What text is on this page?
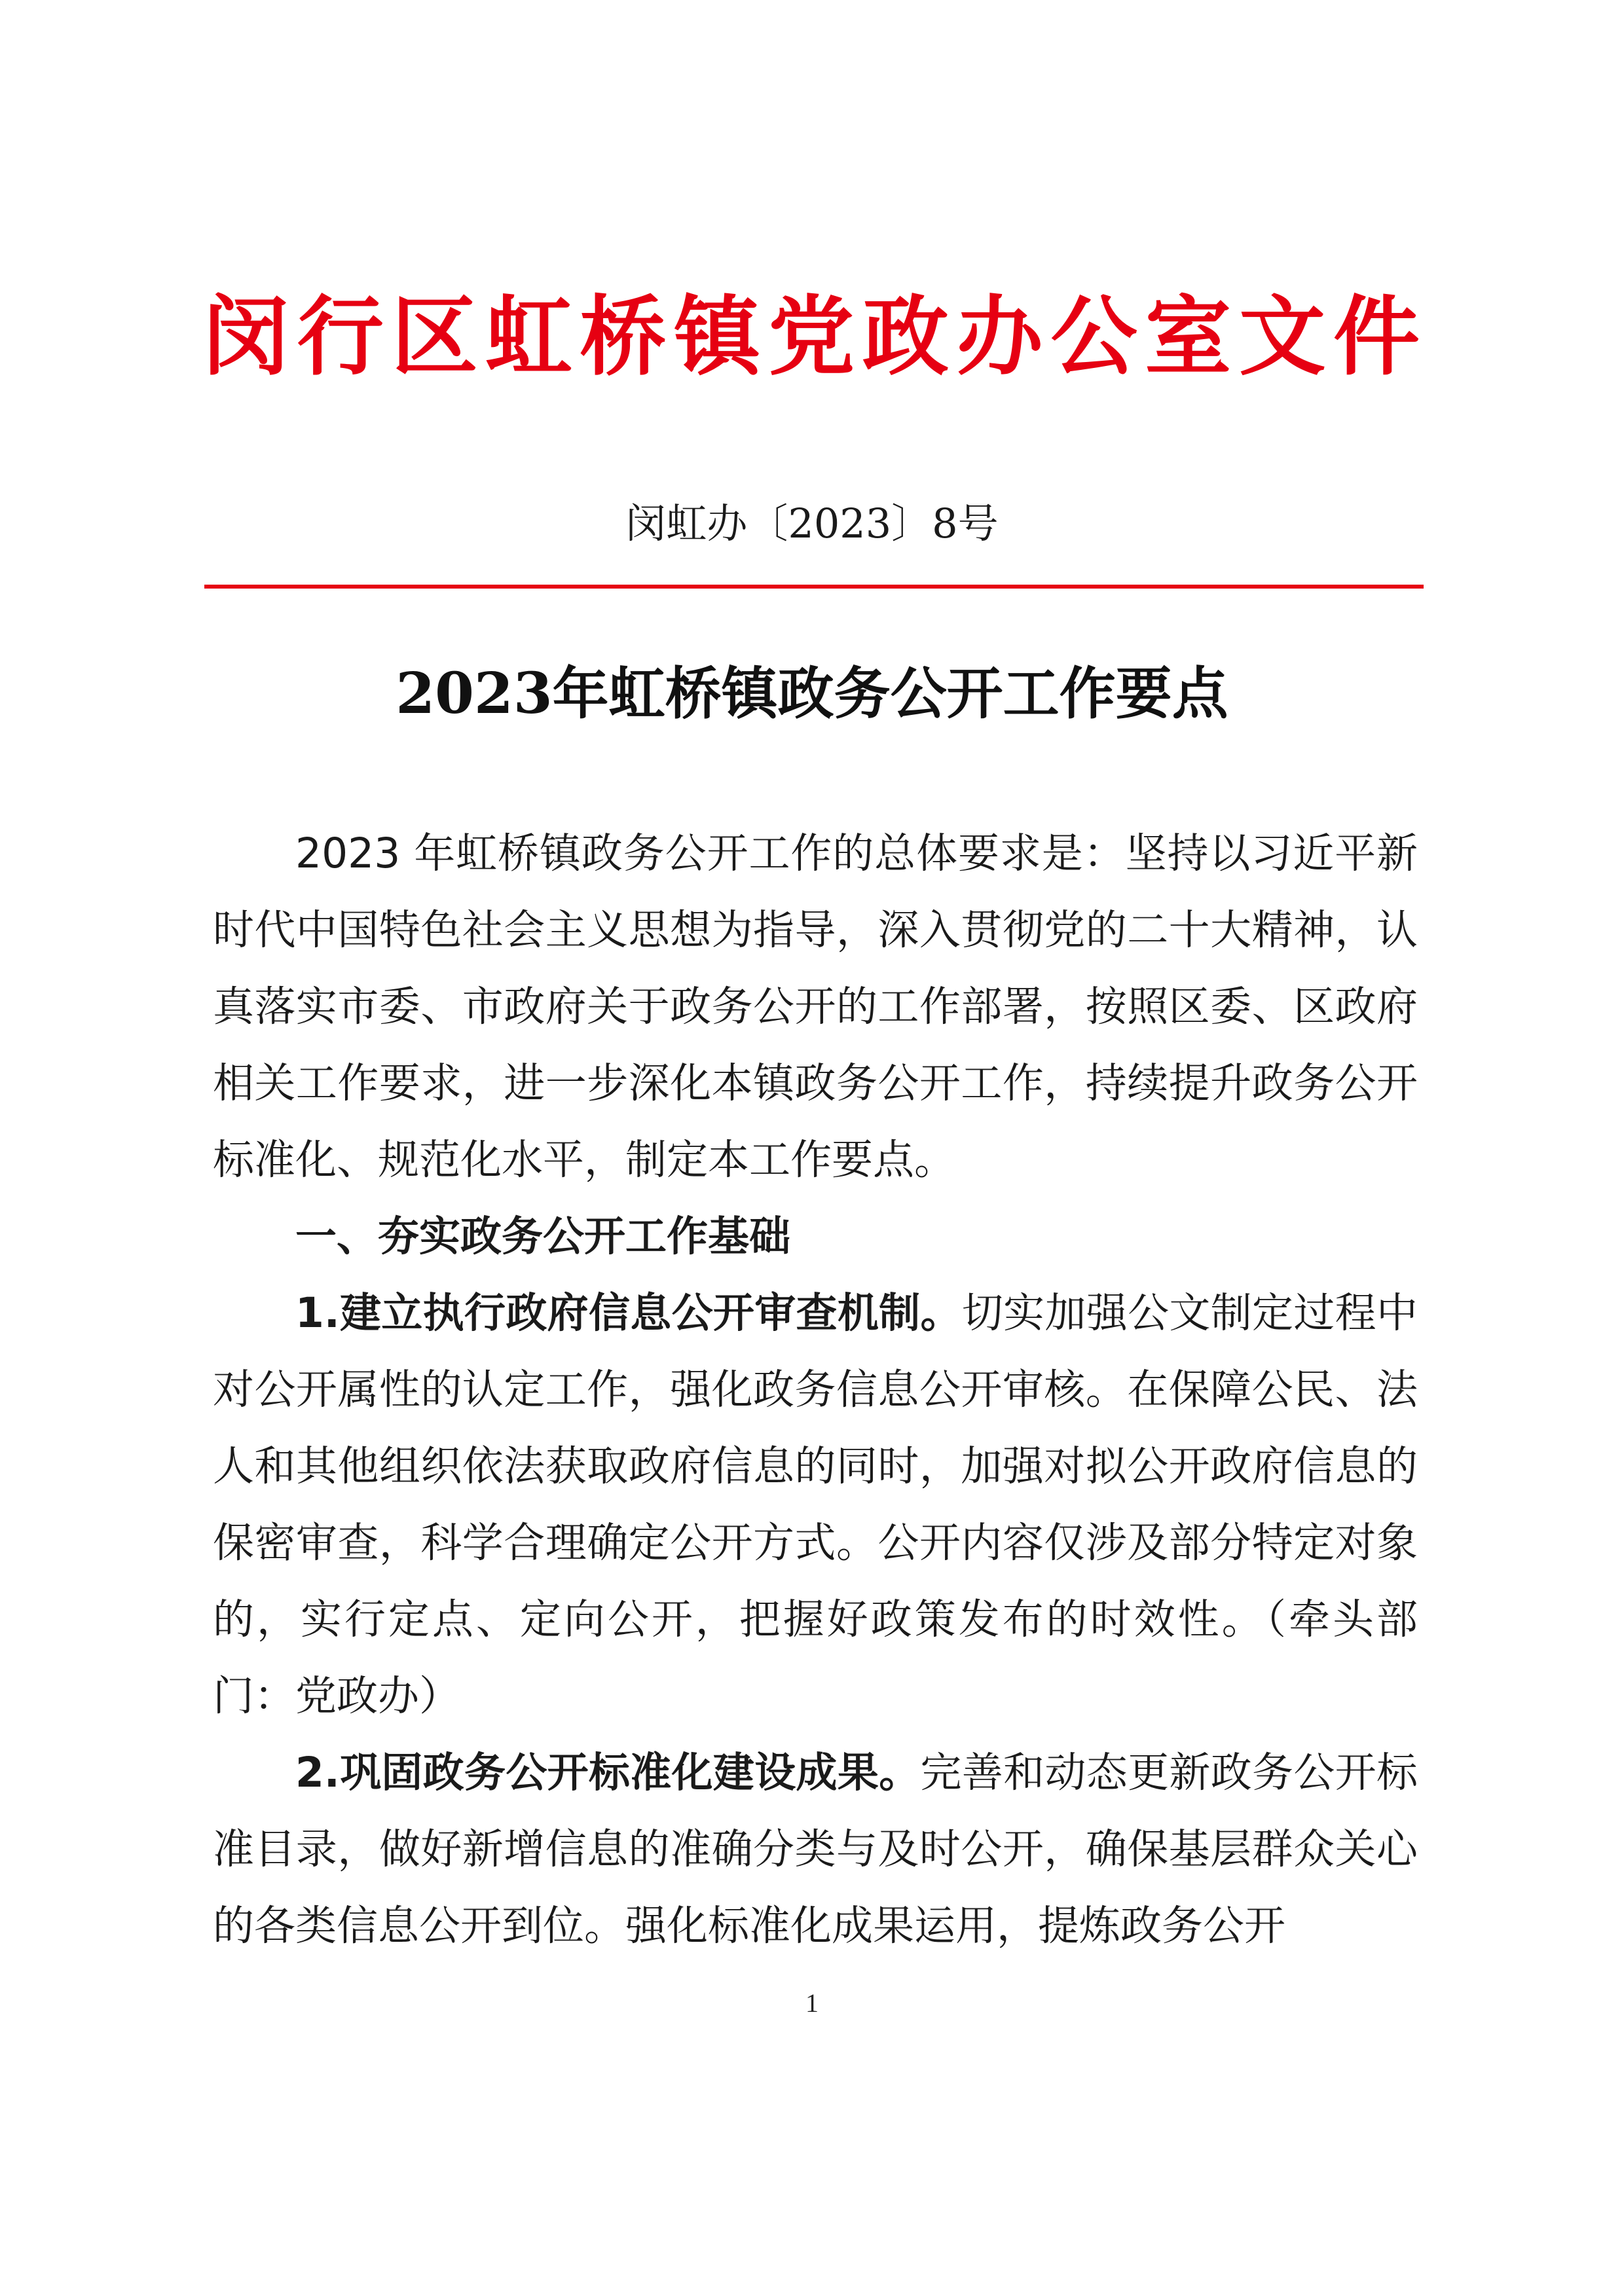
闵行区虹桥镇党政办公室文件
闵虹办〔2023〕8号
2023年虹桥镇政务公开工作要点

2023 年虹桥镇政务公开工作的总体要求是：坚持以习近平新时代中国特色社会主义思想为指导，深入贯彻党的二十大精神，认真落实市委、市政府关于政务公开的工作部署，按照区委、区政府相关工作要求，进一步深化本镇政务公开工作，持续提升政务公开标准化、规范化水平，制定本工作要点。

一、夯实政务公开工作基础

1.建立执行政府信息公开审查机制。切实加强公文制定过程中对公开属性的认定工作，强化政务信息公开审核。在保障公民、法人和其他组织依法获取政府信息的同时，加强对拟公开政府信息的保密审查，科学合理确定公开方式。公开内容仅涉及部分特定对象的，实行定点、定向公开，把握好政策发布的时效性。（牵头部门：党政办）

2.巩固政务公开标准化建设成果。完善和动态更新政务公开标准目录，做好新增信息的准确分类与及时公开，确保基层群众关心的各类信息公开到位。强化标准化成果运用，提炼政务公开

1
